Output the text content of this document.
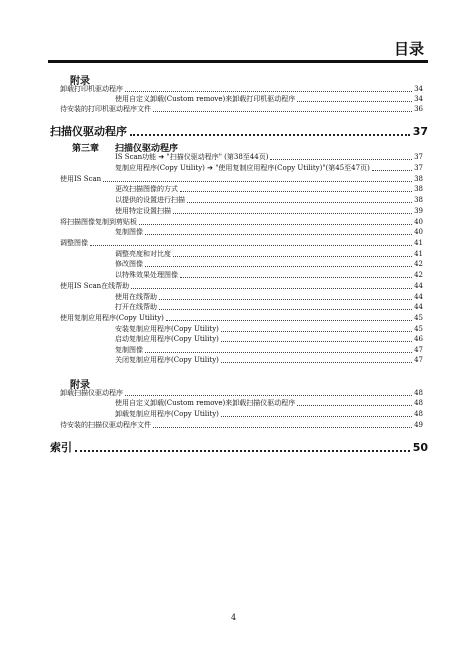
目录
附录
卸载打印机驱动程序	34
使用自定义卸载(Custom remove)来卸载打印机驱动程序	34
待安装的打印机驱动程序文件	36
扫描仪驱动程序	37
第三章 扫描仪驱动程序
IS Scan功能 ➔ "扫描仪驱动程序" (第38至44页)	37
复制应用程序(Copy Utility) ➔ "使用复制应用程序(Copy Utility)"(第45至47页)	37
使用IS Scan	38
更改扫描图像的方式	38
以提供的设置进行扫描	38
使用特定设置扫描	39
将扫描图像复制到剪贴板	40
复制图像	40
调整图像	41
调整亮度和对比度	41
修改图像	42
以特殊效果处理图像	42
使用IS Scan在线帮助	44
使用在线帮助	44
打开在线帮助	44
使用复制应用程序(Copy Utility)	45
安装复制应用程序(Copy Utility)	45
启动复制应用程序(Copy Utility)	46
复制图像	47
关闭复制应用程序(Copy Utility)	47
附录
卸载扫描仪驱动程序	48
使用自定义卸载(Custom remove)来卸载扫描仪驱动程序	48
卸载复制应用程序(Copy Utility)	48
待安装的扫描仪驱动程序文件	49
索引	50
4
